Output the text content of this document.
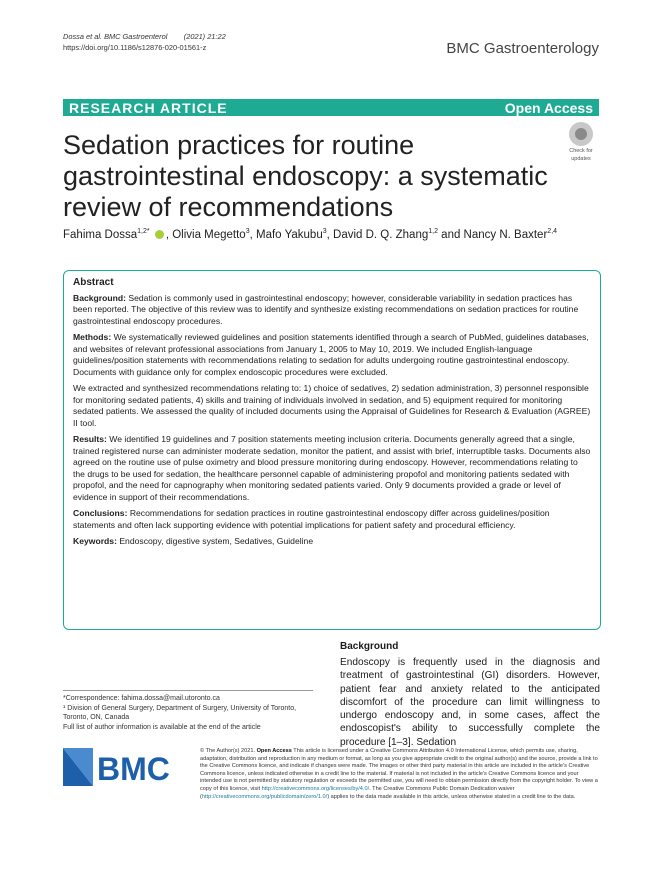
Dossa et al. BMC Gastroenterol (2021) 21:22
https://doi.org/10.1186/s12876-020-01561-z	BMC Gastroenterology
RESEARCH ARTICLE	Open Access
Sedation practices for routine gastrointestinal endoscopy: a systematic review of recommendations
Check for
updates
Fahima Dossa$^{1,2*}$ , Olivia Megetto$^3$, Mafo Yakubu$^3$, David D. Q. Zhang$^{1,2}$ and Nancy N. Baxter$^{2,4}$

Abstract

Background: Sedation is commonly used in gastrointestinal endoscopy; however, considerable variability in sedation practices has been reported. The objective of this review was to identify and synthesize existing recommendations on sedation practices for routine gastrointestinal endoscopy procedures.

Methods: We systematically reviewed guidelines and position statements identified through a search of PubMed, guidelines databases, and websites of relevant professional associations from January 1, 2005 to May 10, 2019. We included English-language guidelines/position statements with recommendations relating to sedation for adults undergoing routine gastrointestinal endoscopy. Documents with guidance only for complex endoscopic procedures were excluded.

We extracted and synthesized recommendations relating to: 1) choice of sedatives, 2) sedation administration, 3) personnel responsible for monitoring sedated patients, 4) skills and training of individuals involved in sedation, and 5) equipment required for monitoring sedated patients. We assessed the quality of included documents using the Appraisal of Guidelines for Research & Evaluation (AGREE) II tool.

Results: We identified 19 guidelines and 7 position statements meeting inclusion criteria. Documents generally agreed that a single, trained registered nurse can administer moderate sedation, monitor the patient, and assist with brief, interruptible tasks. Documents also agreed on the routine use of pulse oximetry and blood pressure monitoring during endoscopy. However, recommendations relating to the drugs to be used for sedation, the healthcare personnel capable of administering propofol and monitoring patients sedated with propofol, and the need for capnography when monitoring sedated patients varied. Only 9 documents provided a grade or level of evidence in support of their recommendations.

Conclusions: Recommendations for sedation practices in routine gastrointestinal endoscopy differ across guidelines/position statements and often lack supporting evidence with potential implications for patient safety and procedural efficiency.

Keywords: Endoscopy, digestive system, Sedatives, Guideline

Background

Endoscopy is frequently used in the diagnosis and treatment of gastrointestinal (GI) disorders. However, patient fear and anxiety related to the anticipated discomfort of the procedure can limit willingness to undergo endoscopy and, in some cases, affect the endoscopist's ability to successfully complete the procedure [1–3]. Sedation

*Correspondence: fahima.dossa@mail.utoronto.ca
¹ Division of General Surgery, Department of Surgery, University of Toronto, Toronto, ON, Canada
Full list of author information is available at the end of the article
BMC	© The Author(s) 2021. Open Access This article is licensed under a Creative Commons Attribution 4.0 International License, which permits use, sharing, adaptation, distribution and reproduction in any medium or format, as long as you give appropriate credit to the original author(s) and the source, provide a link to the Creative Commons licence, and indicate if changes were made. The images or other third party material in this article are included in the article's Creative Commons licence, unless indicated otherwise in a credit line to the material. If material is not included in the article's Creative Commons licence and your intended use is not permitted by statutory regulation or exceeds the permitted use, you will need to obtain permission directly from the copyright holder. To view a copy of this licence, visit http://creativecommons.org/licenses/by/4.0/. The Creative Commons Public Domain Dedication waiver (http://creativecommons.org/publicdomain/zero/1.0/) applies to the data made available in this article, unless otherwise stated in a credit line to the data.
